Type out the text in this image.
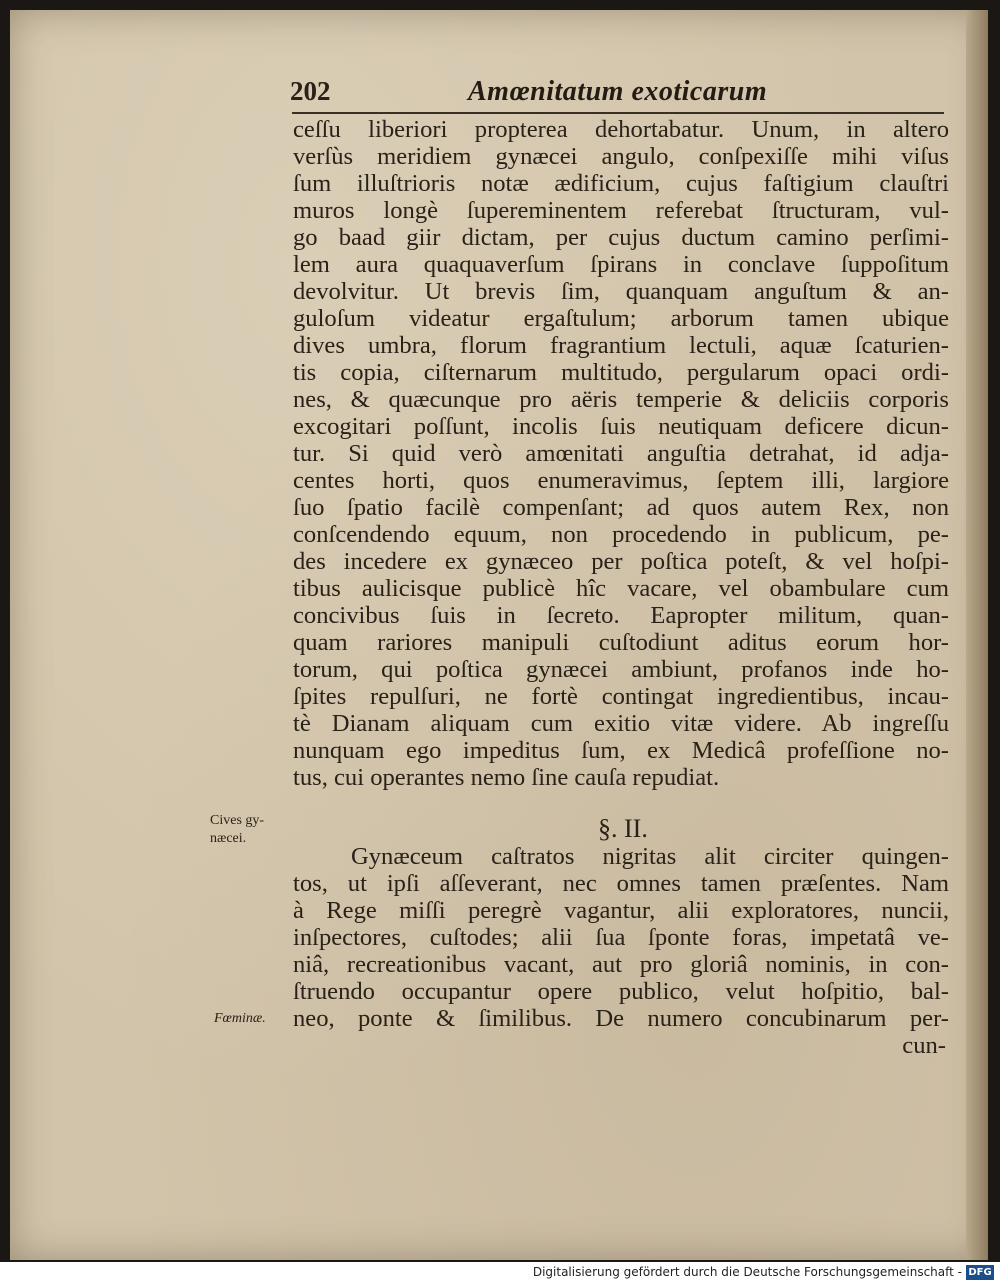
202	Amœnitatum exoticarum
ceſſu liberiori propterea dehortabatur. Unum, in altero
verſùs meridiem gynæcei angulo, conſpexiſſe mihi viſus
ſum illuſtrioris notæ ædificium, cujus faſtigium clauſtri
muros longè ſupereminentem referebat ſtructuram, vul-
go baad giir dictam, per cujus ductum camino perſimi-
lem aura quaquaverſum ſpirans in conclave ſuppoſitum
devolvitur. Ut brevis ſim, quanquam anguſtum & an-
guloſum videatur ergaſtulum; arborum tamen ubique
dives umbra, florum fragrantium lectuli, aquæ ſcaturien-
tis copia, ciſternarum multitudo, pergularum opaci ordi-
nes, & quæcunque pro aëris temperie & deliciis corporis
excogitari poſſunt, incolis ſuis neutiquam deficere dicun-
tur. Si quid verò amœnitati anguſtia detrahat, id adja-
centes horti, quos enumeravimus, ſeptem illi, largiore
ſuo ſpatio facilè compenſant; ad quos autem Rex, non
conſcendendo equum, non procedendo in publicum, pe-
des incedere ex gynæceo per poſtica poteſt, & vel hoſpi-
tibus aulicisque publicè hîc vacare, vel obambulare cum
concivibus ſuis in ſecreto. Eapropter militum, quan-
quam rariores manipuli cuſtodiunt aditus eorum hor-
torum, qui poſtica gynæcei ambiunt, profanos inde ho-
ſpites repulſuri, ne fortè contingat ingredientibus, incau-
tè Dianam aliquam cum exitio vitæ videre. Ab ingreſſu
nunquam ego impeditus ſum, ex Medicâ profeſſione no-
tus, cui operantes nemo ſine cauſa repudiat.
§. II.
Gynæceum caſtratos nigritas alit circiter quingen-
tos, ut ipſi aſſeverant, nec omnes tamen præſentes. Nam
à Rege miſſi peregrè vagantur, alii exploratores, nuncii,
inſpectores, cuſtodes; alii ſua ſponte foras, impetatâ ve-
niâ, recreationibus vacant, aut pro gloriâ nominis, in con-
ſtruendo occupantur opere publico, velut hoſpitio, bal-
neo, ponte & ſimilibus. De numero concubinarum per-
cun-
Cives gy-
næcei.
Fœminæ.
Digitalisierung gefördert durch die Deutsche Forschungsgemeinschaft - DFG
